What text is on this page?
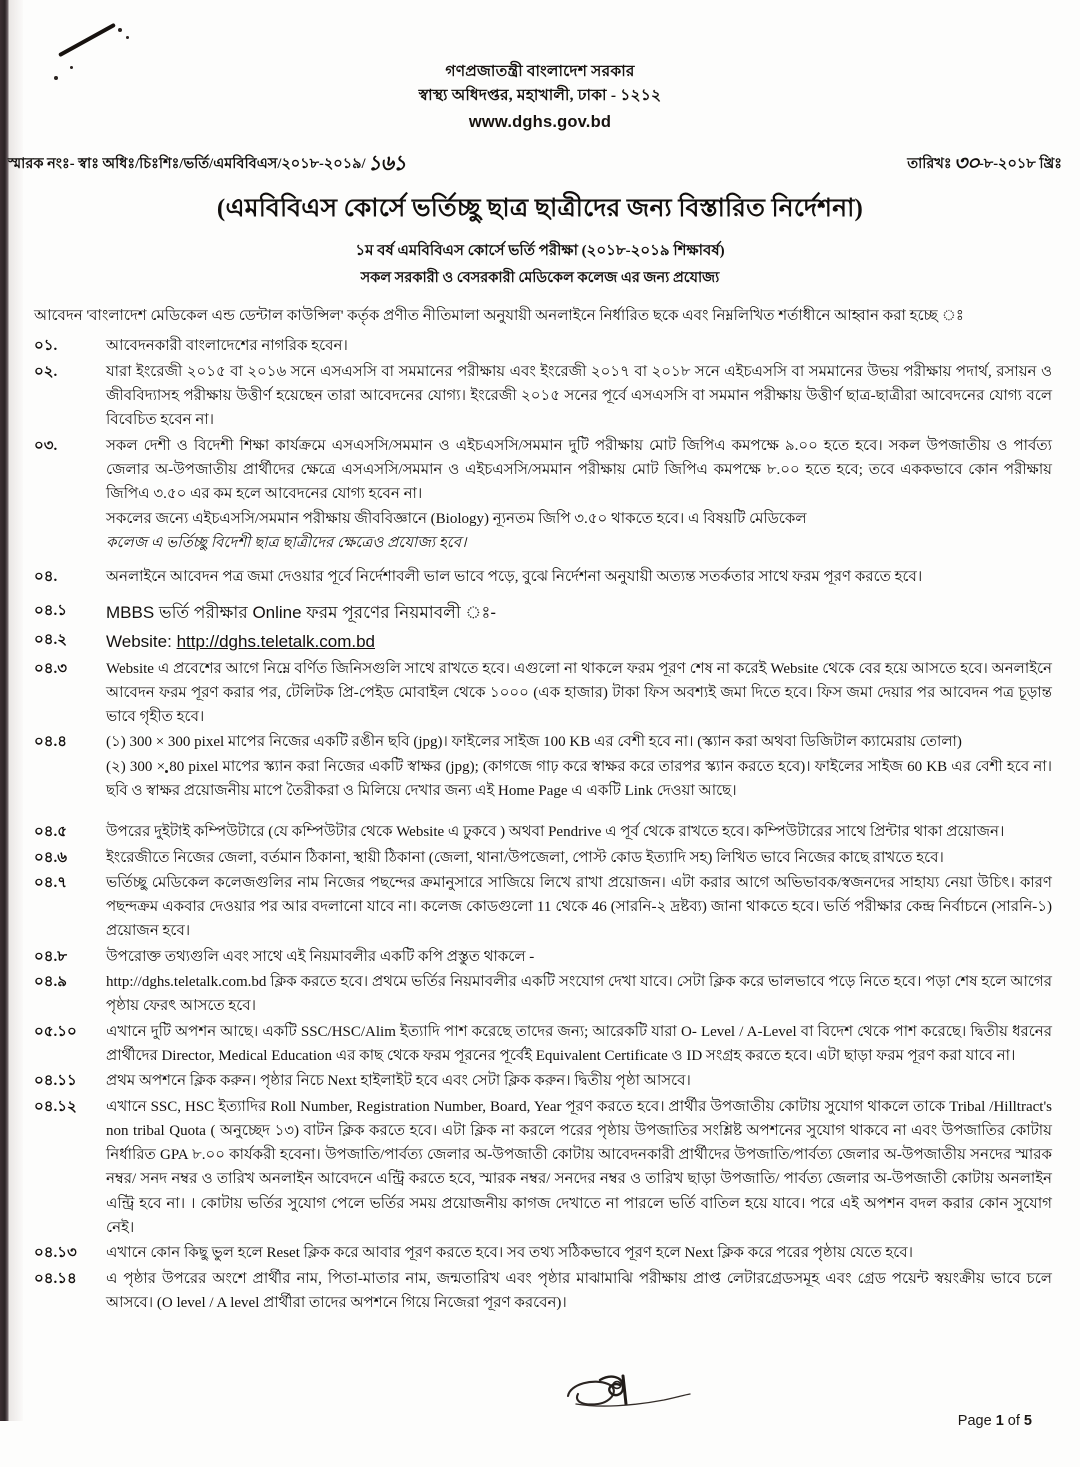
গণপ্রজাতন্ত্রী বাংলাদেশ সরকার

স্বাস্থ্য অধিদপ্তর, মহাখালী, ঢাকা - ১২১২

www.dghs.gov.bd

স্মারক নংঃ- স্বাঃ অধিঃ/চিঃশিঃ/ভর্তি/এমবিবিএস/২০১৮-২০১৯/১৬১	তারিখঃ৩০-৮-২০১৮ খ্রিঃ
(এমবিবিএস কোর্সে ভর্তিচ্ছু ছাত্র ছাত্রীদের জন্য বিস্তারিত নির্দেশনা)
১ম বর্ষ এমবিবিএস কোর্সে ভর্তি পরীক্ষা (২০১৮-২০১৯ শিক্ষাবর্ষ)
সকল সরকারী ও বেসরকারী মেডিকেল কলেজ এর জন্য প্রযোজ্য
আবেদন 'বাংলাদেশ মেডিকেল এন্ড ডেন্টাল কাউন্সিল' কর্তৃক প্রণীত নীতিমালা অনুযায়ী অনলাইনে নির্ধারিত ছকে এবং নিম্নলিখিত শর্তাধীনে আহ্বান করা হচ্ছে ঃ
০১.	আবেদনকারী বাংলাদেশের নাগরিক হবেন।

০২.	যারা ইংরেজী ২০১৫ বা ২০১৬ সনে এসএসসি বা সমমানের পরীক্ষায় এবং ইংরেজী ২০১৭ বা ২০১৮ সনে এইচএসসি বা সমমানের উভয় পরীক্ষায় পদার্থ, রসায়ন ও জীববিদ্যাসহ পরীক্ষায় উত্তীর্ণ হয়েছেন তারা আবেদনের যোগ্য। ইংরেজী ২০১৫ সনের পূর্বে এসএসসি বা সমমান পরীক্ষায় উত্তীর্ণ ছাত্র-ছাত্রীরা আবেদনের যোগ্য বলে বিবেচিত হবেন না।

০৩.	সকল দেশী ও বিদেশী শিক্ষা কার্যক্রমে এসএসসি/সমমান ও এইচএসসি/সমমান দুটি পরীক্ষায় মোট জিপিএ কমপক্ষে ৯.০০ হতে হবে। সকল উপজাতীয় ও পার্বত্য জেলার অ-উপজাতীয় প্রার্থীদের ক্ষেত্রে এসএসসি/সমমান ও এইচএসসি/সমমান পরীক্ষায় মোট জিপিএ কমপক্ষে ৮.০০ হতে হবে; তবে এককভাবে কোন পরীক্ষায় জিপিএ ৩.৫০ এর কম হলে আবেদনের যোগ্য হবেন না।

সকলের জন্যে এইচএসসি/সমমান পরীক্ষায় জীববিজ্ঞানে (Biology) ন্যূনতম জিপি ৩.৫০ থাকতে হবে। এ বিষয়টি মেডিকেল

কলেজ এ ভর্তিচ্ছু বিদেশী ছাত্র ছাত্রীদের ক্ষেত্রেও প্রযোজ্য হবে।

০৪.	অনলাইনে আবেদন পত্র জমা দেওয়ার পূর্বে নির্দেশাবলী ভাল ভাবে পড়ে, বুঝে নির্দেশনা অনুযায়ী অত্যন্ত সতর্কতার সাথে ফরম পূরণ করতে হবে।

০৪.১	MBBS ভর্তি পরীক্ষার Online ফরম পূরণের নিয়মাবলী ঃ-

০৪.২	Website: http://dghs.teletalk.com.bd

০৪.৩	Website এ প্রবেশের আগে নিম্নে বর্ণিত জিনিসগুলি সাথে রাখতে হবে। এগুলো না থাকলে ফরম পূরণ শেষ না করেই Website থেকে বের হয়ে আসতে হবে। অনলাইনে আবেদন ফরম পূরণ করার পর, টেলিটক প্রি-পেইড মোবাইল থেকে ১০০০ (এক হাজার) টাকা ফিস অবশ্যই জমা দিতে হবে। ফিস জমা দেয়ার পর আবেদন পত্র চূড়ান্ত ভাবে গৃহীত হবে।

০৪.৪	(১) 300 × 300 pixel মাপের নিজের একটি রঙীন ছবি (jpg)। ফাইলের সাইজ 100 KB এর বেশী হবে না। (স্ক্যান করা অথবা ডিজিটাল ক্যামেরায় তোলা)

(২) 300 × 80 pixel মাপের স্ক্যান করা নিজের একটি স্বাক্ষর (jpg); (কাগজে গাঢ় করে স্বাক্ষর করে তারপর স্ক্যান করতে হবে)। ফাইলের সাইজ 60 KB এর বেশী হবে না। ছবি ও স্বাক্ষর প্রয়োজনীয় মাপে তৈরীকরা ও মিলিয়ে দেখার জন্য এই Home Page এ একটি Link দেওয়া আছে।

০৪.৫	উপরের দুইটাই কম্পিউটারে (যে কম্পিউটার থেকে Website এ ঢুকবে ) অথবা Pendrive এ পূর্ব থেকে রাখতে হবে। কম্পিউটারের সাথে প্রিন্টার থাকা প্রয়োজন।

০৪.৬	ইংরেজীতে নিজের জেলা, বর্তমান ঠিকানা, স্থায়ী ঠিকানা (জেলা, থানা/উপজেলা, পোস্ট কোড ইত্যাদি সহ) লিখিত ভাবে নিজের কাছে রাখতে হবে।

০৪.৭	ভর্তিচ্ছু মেডিকেল কলেজগুলির নাম নিজের পছন্দের ক্রমানুসারে সাজিয়ে লিখে রাখা প্রয়োজন। এটা করার আগে অভিভাবক/স্বজনদের সাহায্য নেয়া উচিৎ। কারণ পছন্দক্রম একবার দেওয়ার পর আর বদলানো যাবে না। কলেজ কোডগুলো 11 থেকে 46 (সারনি-২ দ্রষ্টব্য) জানা থাকতে হবে। ভর্তি পরীক্ষার কেন্দ্র নির্বাচনে (সারনি-১) প্রয়োজন হবে।

০৪.৮	উপরোক্ত তথ্যগুলি এবং সাথে এই নিয়মাবলীর একটি কপি প্রস্তুত থাকলে -

০৪.৯	http://dghs.teletalk.com.bd ক্লিক করতে হবে। প্রথমে ভর্তির নিয়মাবলীর একটি সংযোগ দেখা যাবে। সেটা ক্লিক করে ভালভাবে পড়ে নিতে হবে। পড়া শেষ হলে আগের পৃষ্ঠায় ফেরৎ আসতে হবে।

০৫.১০	এখানে দুটি অপশন আছে। একটি SSC/HSC/Alim ইত্যাদি পাশ করেছে তাদের জন্য; আরেকটি যারা O- Level / A-Level বা বিদেশ থেকে পাশ করেছে। দ্বিতীয় ধরনের প্রার্থীদের Director, Medical Education এর কাছ থেকে ফরম পূরনের পূর্বেই Equivalent Certificate ও ID সংগ্রহ করতে হবে। এটা ছাড়া ফরম পূরণ করা যাবে না।

০৪.১১	প্রথম অপশনে ক্লিক করুন। পৃষ্ঠার নিচে Next হাইলাইট হবে এবং সেটা ক্লিক করুন। দ্বিতীয় পৃষ্ঠা আসবে।

০৪.১২	এখানে SSC, HSC ইত্যাদির Roll Number, Registration Number, Board, Year পূরণ করতে হবে। প্রার্থীর উপজাতীয় কোটায় সুযোগ থাকলে তাকে Tribal /Hilltract's non tribal Quota ( অনুচ্ছেদ ১৩) বাটন ক্লিক করতে হবে। এটা ক্লিক না করলে পরের পৃষ্ঠায় উপজাতির সংশ্লিষ্ট অপশনের সুযোগ থাকবে না এবং উপজাতির কোটায় নির্ধারিত GPA ৮.০০ কার্যকরী হবেনা। উপজাতি/পার্বত্য জেলার অ-উপজাতী কোটায় আবেদনকারী প্রার্থীদের উপজাতি/পার্বত্য জেলার অ-উপজাতীয় সনদের স্মারক নম্বর/ সনদ নম্বর ও তারিখ অনলাইন আবেদনে এন্ট্রি করতে হবে, স্মারক নম্বর/ সনদের নম্বর ও তারিখ ছাড়া উপজাতি/ পার্বত্য জেলার অ-উপজাতী কোটায় অনলাইন এন্ট্রি হবে না। । কোটায় ভর্তির সুযোগ পেলে ভর্তির সময় প্রয়োজনীয় কাগজ দেখাতে না পারলে ভর্তি বাতিল হয়ে যাবে। পরে এই অপশন বদল করার কোন সুযোগ নেই।

০৪.১৩	এখানে কোন কিছু ভুল হলে Reset ক্লিক করে আবার পূরণ করতে হবে। সব তথ্য সঠিকভাবে পূরণ হলে Next ক্লিক করে পরের পৃষ্ঠায় যেতে হবে।

০৪.১৪	এ পৃষ্ঠার উপরের অংশে প্রার্থীর নাম, পিতা-মাতার নাম, জন্মতারিখ এবং পৃষ্ঠার মাঝামাঝি পরীক্ষায় প্রাপ্ত লেটারগ্রেডসমূহ এবং গ্রেড পয়েন্ট স্বয়ংক্রীয় ভাবে চলে আসবে। (O level / A level প্রার্থীরা তাদের অপশনে গিয়ে নিজেরা পূরণ করবেন)।

Page 1 of 5
